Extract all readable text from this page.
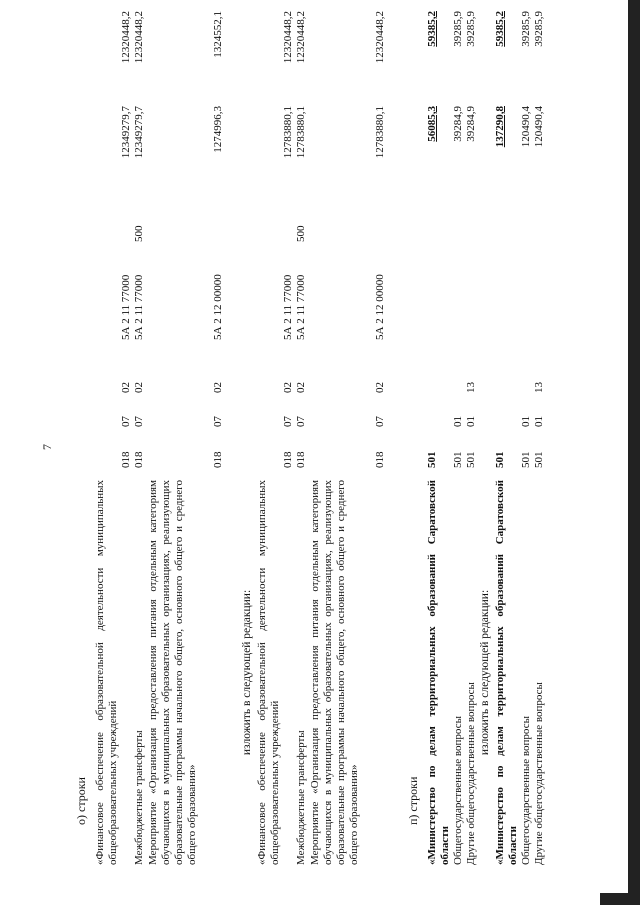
7
о) строки «Финансовое обеспечение образовательной деятельности муниципальных общеобразовательных учреждений
018
07
02
5А 2 11 77000
12349279,7
12320448,2
Межбюджетные трансферты
018
07
02
5А 2 11 77000
500
12349279,7
12320448,2
Мероприятие «Организация предоставления питания отдельным категориям обучающихся в муниципальных образовательных организациях, реализующих образовательные программы начального общего, основного общего и среднего общего образования»
018
07
02
5А 2 12 00000
1274996,3
1324552,1
изложить в следующей редакции: «Финансовое обеспечение образовательной деятельности муниципальных общеобразовательных учреждений
018
07
02
5А 2 11 77000
12783880,1
12320448,2
Межбюджетные трансферты
018
07
02
5А 2 11 77000
500
12783880,1
12320448,2
Мероприятие «Организация предоставления питания отдельным категориям обучающихся в муниципальных образовательных организациях, реализующих образовательные программы начального общего, основного общего и среднего общего образования»
018
07
02
5А 2 12 00000
12783880,1
12320448,2
п) строки «Министерство по делам территориальных образований Саратовской области
501
56085,3
59385,2
Общегосударственные вопросы
501
01
39284,9
39285,9
Другие общегосударственные вопросы
501
01
13
39284,9
39285,9
изложить в следующей редакции: «Министерство по делам территориальных образований Саратовской области
501
137290,8
59385,2
Общегосударственные вопросы
501
01
120490,4
39285,9
Другие общегосударственные вопросы
501
01
13
120490,4
39285,9
